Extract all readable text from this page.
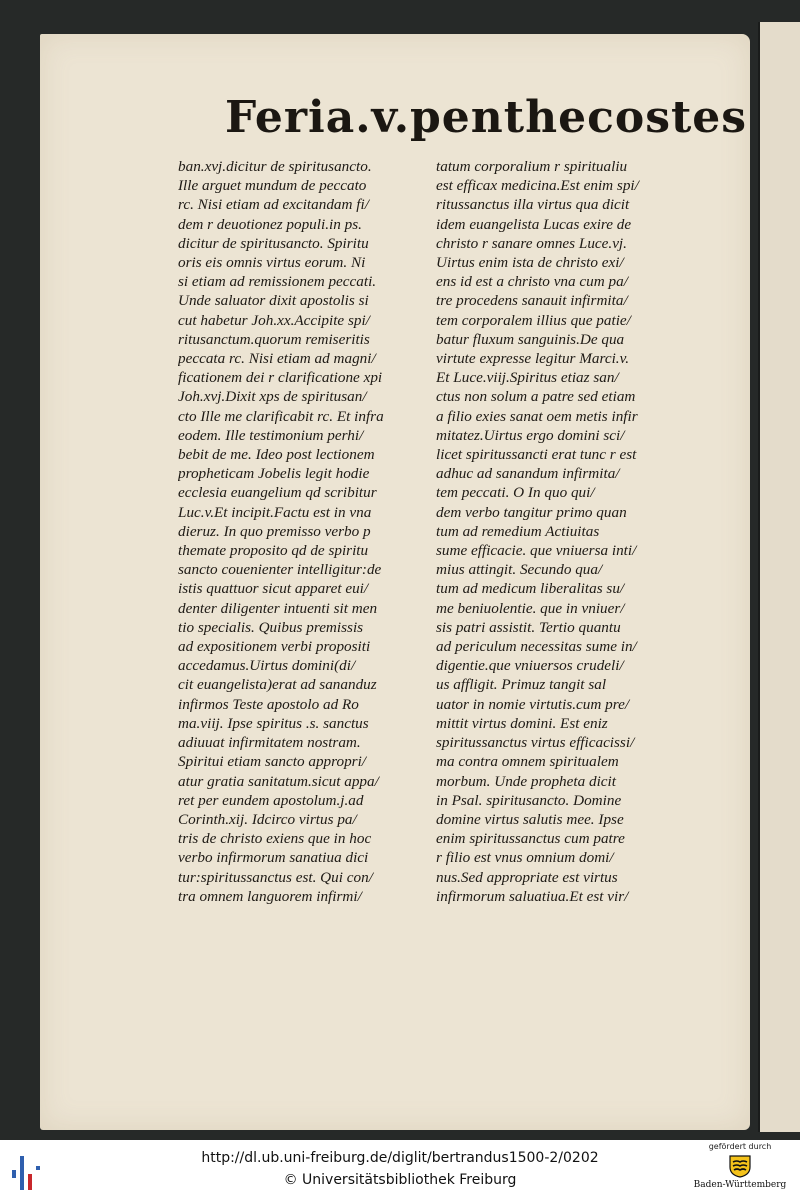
Feria.v.penthecostes
ban.xvj.dicitur de spiritusancto.
Ille arguet mundum de peccato
rc. Nisi etiam ad excitandam fi/
dem r deuotionez populi.in ps.
dicitur de spiritusancto. Spiritu
oris eis omnis virtus eorum. Ni
si etiam ad remissionem peccati.
Unde saluator dixit apostolis si
cut habetur Joh.xx.Accipite spi/
ritusanctum.quorum remiseritis
peccata rc. Nisi etiam ad magni/
ficationem dei r clarificatione xpi
Joh.xvj.Dixit xps de spiritusan/
cto Ille me clarificabit rc. Et infra
eodem. Ille testimonium perhi/
bebit de me. Ideo post lectionem
propheticam Jobelis legit hodie
ecclesia euangelium qd scribitur
Luc.v.Et incipit.Factu est in vna
dieruz. In quo premisso verbo p
themate proposito qd de spiritu
sancto couenienter intelligitur:de
istis quattuor sicut apparet eui/
denter diligenter intuenti sit men
tio specialis. Quibus premissis
ad expositionem verbi propositi
accedamus.Uirtus domini(di/
cit euangelista)erat ad sananduz
infirmos Teste apostolo ad Ro
ma.viij. Ipse spiritus .s. sanctus
adiuuat infirmitatem nostram.
Spiritui etiam sancto appropri/
atur gratia sanitatum.sicut appa/
ret per eundem apostolum.j.ad
Corinth.xij. Idcirco virtus pa/
tris de christo exiens que in hoc
verbo infirmorum sanatiua dici
tur:spiritussanctus est. Qui con/
tra omnem languorem infirmi/
tatum corporalium r spiritualiu
est efficax medicina.Est enim spi/
ritussanctus illa virtus qua dicit
idem euangelista Lucas exire de
christo r sanare omnes Luce.vj.
Uirtus enim ista de christo exi/
ens id est a christo vna cum pa/
tre procedens sanauit infirmita/
tem corporalem illius que patie/
batur fluxum sanguinis.De qua
virtute expresse legitur Marci.v.
Et Luce.viij.Spiritus etiaz san/
ctus non solum a patre sed etiam
a filio exies sanat oem metis infir
mitatez.Uirtus ergo domini sci/
licet spiritussancti erat tunc r est
adhuc ad sanandum infirmita/
tem peccati. O In quo qui/
dem verbo tangitur primo quan
tum ad remedium Actiuitas
sume efficacie. que vniuersa inti/
mius attingit. Secundo qua/
tum ad medicum liberalitas su/
me beniuolentie. que in vniuer/
sis patri assistit. Tertio quantu
ad periculum necessitas sume in/
digentie.que vniuersos crudeli/
us affligit. Primuz tangit sal
uator in nomie virtutis.cum pre/
mittit virtus domini. Est eniz
spiritussanctus virtus efficacissi/
ma contra omnem spiritualem
morbum. Unde propheta dicit
in Psal. spiritusancto. Domine
domine virtus salutis mee. Ipse
enim spiritussanctus cum patre
r filio est vnus omnium domi/
nus.Sed appropriate est virtus
infirmorum saluatiua.Et est vir/
http://dl.ub.uni-freiburg.de/diglit/bertrandus1500-2/0202
© Universitätsbibliothek Freiburg
gefördert durch
Baden-Württemberg
